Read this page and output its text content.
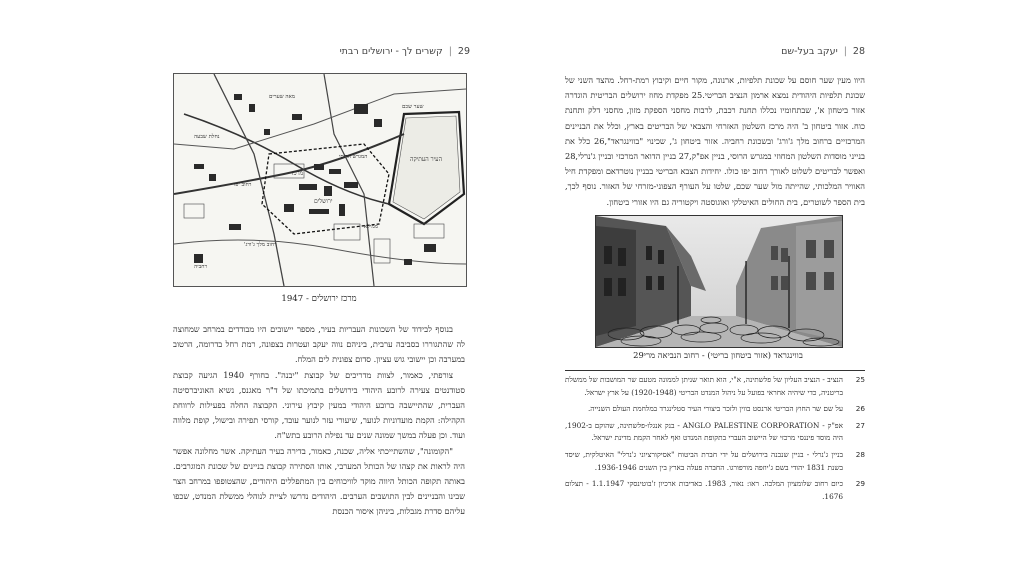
29
|
קשרים לך - ירושלים רבתי
מרכז
ירושלים
העיר העתיקה
רחוב יפו
רחוב מלך ג'ורג'
ממילא
רחביה
המגרש הרוסי
מאה שערים
שער שכם
נחלת שבעה
מרכז ירושלים - 1947

בנוסף לבידוד של השכונות העבריות בעיר, מספר יישובים היו מבודדים במרחב שמחוצה לה שהתגוררו בסביבה ערבית, ביניהם נווה יעקב ועטרות בצפונה, רמת רחל בדרומה, הרטוב במערבה וכן יישובי גוש עציון. סדום צפונית לים המלח.

צורפתי, כאמור, לצוות מדריכים של קבוצת "יבנה". בחורף 1940 הגיעה קבוצת סטודנטים צעירה לרובע היהודי בירושלים בתמיכתו של ד"ר מאגנס, נשיא האוניברסיטה העברית, שהתיישבה ברובע היהודי במעין קיבוץ עירוני. הקבוצה החלה בפעילות לרווחת הקהילה: הקמת מועדוניות לנוער, שיעורי עזר לנוער עובד, קורסי תפירה ובישול, קופת מלווה ועוד. וכן פעלה במשך שמונה שנים עד נפילת הרובע בתש"ח.

"הקומונה", שהשתייכתי אליה, שכנה, כאמור, בדירה בעיר העתיקה. אשר מחלונה אפשר היה לראות את קצהו של הכותל המערבי, אותו הסתירה קבוצת בניינים של שכונת המוגרבים. באותה תקופה הכותל היווה מוקד לוויכוחים בין המתפללים היהודים, שהצטופפו במרחב הצר שבינו והבניינים לבין התושבים הערבים. היהודים נדרשו לציית לנוהלי ממשלת המנדט, שכפו עליהם סדרת מגבלות, ביניהן איסור הכנסת

28
|
יעקב בעל-שם

היוו מעין שער חוסם על שכונת תלפיות, ארנונה, מקור חיים וקיבוץ רמת-רחל. מהצד השני של שכונת תלפיות היהודית נמצא ארמון הנציב הבריטי.25 מפקדת מחוז ירושלים הבריטית הוגדרה אזור ביטחון א', שבתחומיו נכללו תחנת רכבת, לרבות מחסני הספקת מזון, מחסני דלק ותחנת כוח. אזור ביטחון ב' היה מרכז השלטון האזרחי והצבאי של הבריטים בארץ, וכלל את הבניינים המרכזיים ברחוב מלך ג'ורג' ובשכונת רחביה. אזור ביטחון ג', שכינוי "בווינגראד",26 כלל את בנייני מוסדות השלטון המחוזי במגרש הרוסי, בניין אפ"ק,27 בניין הדואר המרכזי ובניין ג'נרלי,28 ואפשר לבריטים לשלוט לאורך רחוב יפו כולו. יחידות הצבא הבריטי בבניין נוטרדאם ומפקדת חיל האוויר המלכותי, שהייתה מול שער שכם, שלטו על העורף הצפוני-מזרחי של האזור. נוסף לכך, בית הספר לשוטרים, בית החולים האיטלקי ואוגוסטה ויקטוריה גם היו אזורי ביטחון.

בווינגראד (אזור ביטחון בריטי) - רחוב הנביאה מרי29
25
הנציב - הנציב העליון של פלשתינה, א"י, הוא תואר שניתן לממונה מטעם שר המושבות של ממשלת בריטניה, כדי שיהיה אחראי בפועל על ניהול המנדט הבריטי (1920-1948) על ארץ ישראל.
26
על שם שר החוץ הבריטי ארנסט בווין ולזכר ביצורי העיר סטלינגרד במלחמת העולם השנייה.
27
אפ"ק - ANGLO PALESTINE CORPORATION - בנק אנגלו-פלשתינה, שהוקם ב-1902, היה מוסד פיננסי מרכזי של היישוב העברי בתקופת המנדט ואף לאחר הקמת מדינת ישראל.
28
בניין ג'נרלי - בניין שנבנה בירושלים על ידי חברת הביטוח "אסיקורציוני ג'נרלי" האיטלקית, שיסד בשנת 1831 יהודי בשם ג'יוזפה מורפורגו. החברה פעלה בארץ בין השנים 1936-1946.
29
כיום רחוב שלומציון המלכה. ראו: נאור, 1983. באדיבות ארכיון ז'בוטינסקי 1.1.1947 - תצלום 1676.
